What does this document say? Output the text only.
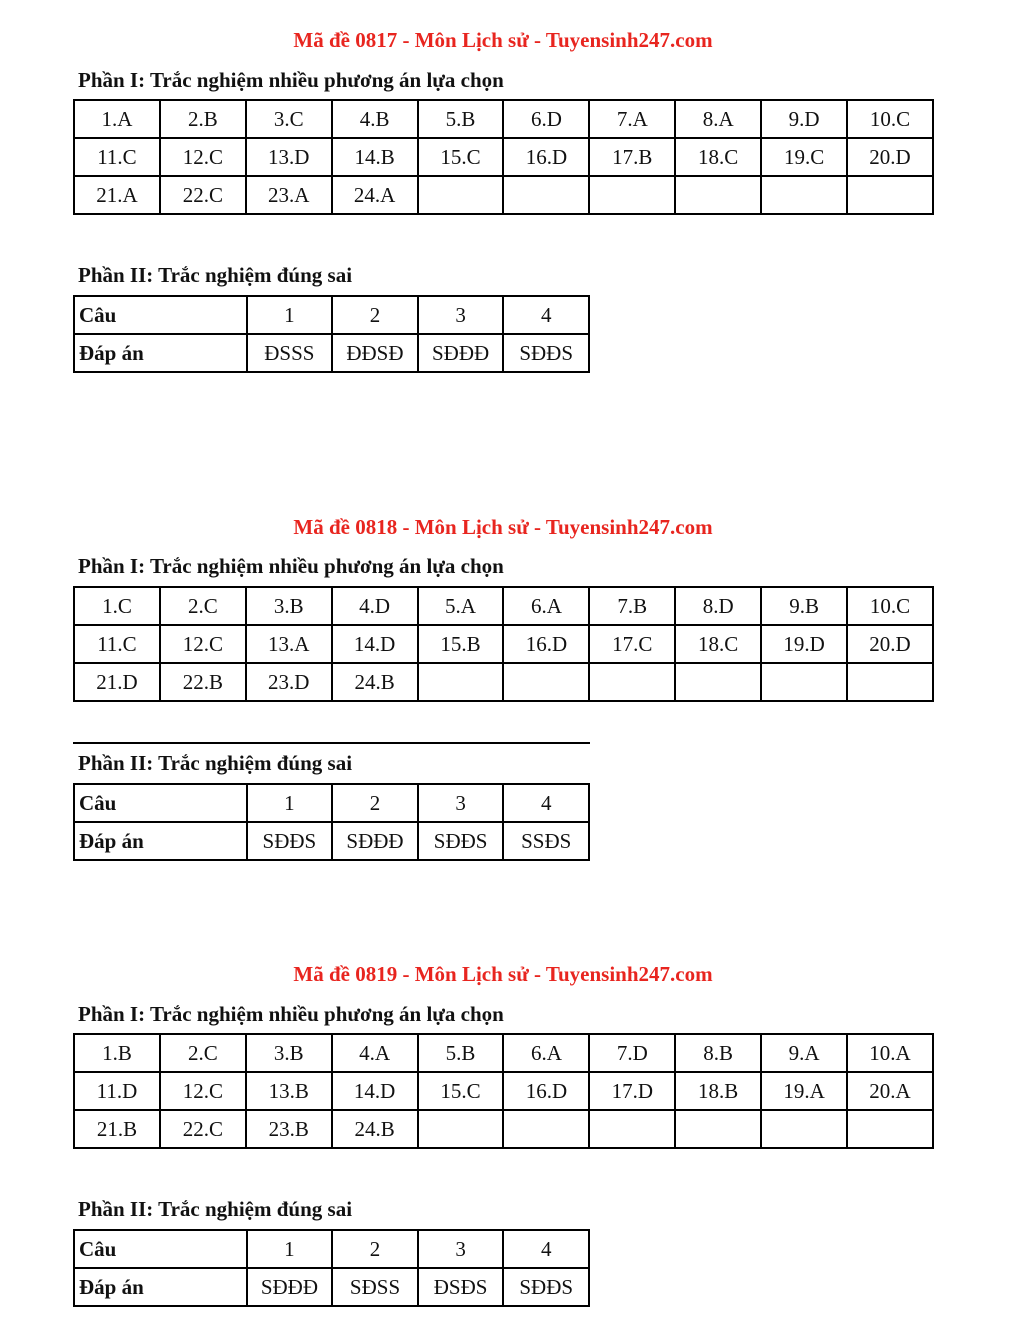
Mã đề 0817 - Môn Lịch sử - Tuyensinh247.com
Phần I: Trắc nghiệm nhiều phương án lựa chọn
1.A	2.B	3.C	4.B	5.B	6.D	7.A	8.A	9.D	10.C
11.C	12.C	13.D	14.B	15.C	16.D	17.B	18.C	19.C	20.D
21.A	22.C	23.A	24.A						
Phần II: Trắc nghiệm đúng sai
Câu	1	2	3	4
Đáp án	ĐSSS	ĐĐSĐ	SĐĐĐ	SĐĐS
Mã đề 0818 - Môn Lịch sử - Tuyensinh247.com
Phần I: Trắc nghiệm nhiều phương án lựa chọn
1.C	2.C	3.B	4.D	5.A	6.A	7.B	8.D	9.B	10.C
11.C	12.C	13.A	14.D	15.B	16.D	17.C	18.C	19.D	20.D
21.D	22.B	23.D	24.B						
Phần II: Trắc nghiệm đúng sai
Câu	1	2	3	4
Đáp án	SĐĐS	SĐĐĐ	SĐĐS	SSĐS
Mã đề 0819 - Môn Lịch sử - Tuyensinh247.com
Phần I: Trắc nghiệm nhiều phương án lựa chọn
1.B	2.C	3.B	4.A	5.B	6.A	7.D	8.B	9.A	10.A
11.D	12.C	13.B	14.D	15.C	16.D	17.D	18.B	19.A	20.A
21.B	22.C	23.B	24.B						
Phần II: Trắc nghiệm đúng sai
Câu	1	2	3	4
Đáp án	SĐĐĐ	SĐSS	ĐSĐS	SĐĐS
